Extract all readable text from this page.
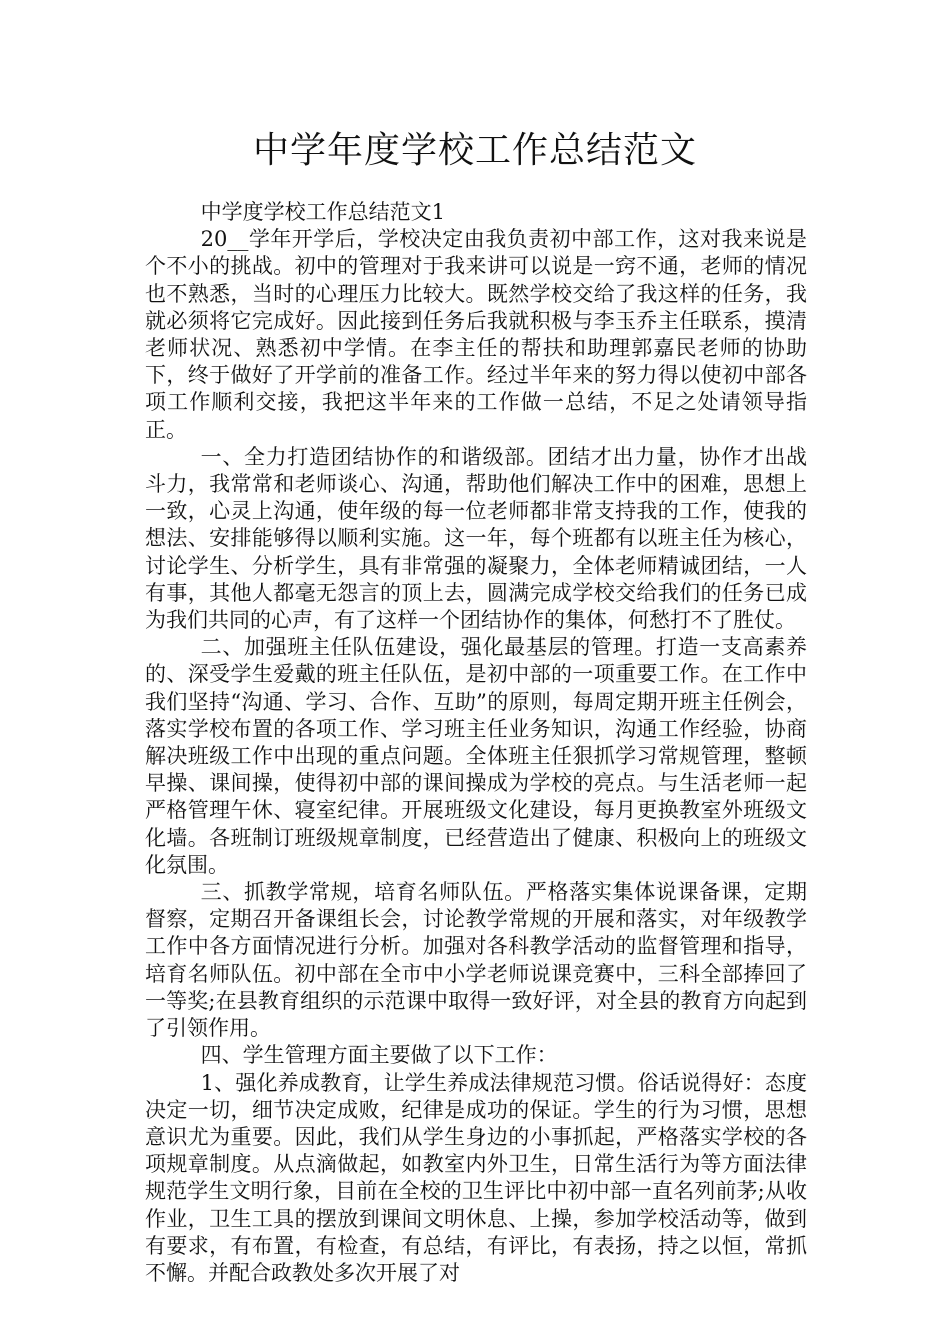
中学年度学校工作总结范文

中学度学校工作总结范文1

20__学年开学后，学校决定由我负责初中部工作，这对我来说是个不小的挑战。初中的管理对于我来讲可以说是一窍不通，老师的情况也不熟悉，当时的心理压力比较大。既然学校交给了我这样的任务，我就必须将它完成好。因此接到任务后我就积极与李玉乔主任联系，摸清老师状况、熟悉初中学情。在李主任的帮扶和助理郭嘉民老师的协助下，终于做好了开学前的准备工作。经过半年来的努力得以使初中部各项工作顺利交接，我把这半年来的工作做一总结，不足之处请领导指正。

一、全力打造团结协作的和谐级部。团结才出力量，协作才出战斗力，我常常和老师谈心、沟通，帮助他们解决工作中的困难，思想上一致，心灵上沟通，使年级的每一位老师都非常支持我的工作，使我的想法、安排能够得以顺利实施。这一年，每个班都有以班主任为核心，讨论学生、分析学生，具有非常强的凝聚力，全体老师精诚团结，一人有事，其他人都毫无怨言的顶上去，圆满完成学校交给我们的任务已成为我们共同的心声，有了这样一个团结协作的集体，何愁打不了胜仗。

二、加强班主任队伍建设，强化最基层的管理。打造一支高素养的、深受学生爱戴的班主任队伍，是初中部的一项重要工作。在工作中我们坚持“沟通、学习、合作、互助”的原则，每周定期开班主任例会，落实学校布置的各项工作、学习班主任业务知识，沟通工作经验，协商解决班级工作中出现的重点问题。全体班主任狠抓学习常规管理，整顿早操、课间操，使得初中部的课间操成为学校的亮点。与生活老师一起严格管理午休、寝室纪律。开展班级文化建设，每月更换教室外班级文化墙。各班制订班级规章制度，已经营造出了健康、积极向上的班级文化氛围。

三、抓教学常规，培育名师队伍。严格落实集体说课备课，定期督察，定期召开备课组长会，讨论教学常规的开展和落实，对年级教学工作中各方面情况进行分析。加强对各科教学活动的监督管理和指导，培育名师队伍。初中部在全市中小学老师说课竞赛中，三科全部捧回了一等奖;在县教育组织的示范课中取得一致好评，对全县的教育方向起到了引领作用。

四、学生管理方面主要做了以下工作：

1、强化养成教育，让学生养成法律规范习惯。俗话说得好：态度决定一切，细节决定成败，纪律是成功的保证。学生的行为习惯，思想意识尤为重要。因此，我们从学生身边的小事抓起，严格落实学校的各项规章制度。从点滴做起，如教室内外卫生，日常生活行为等方面法律规范学生文明行象，目前在全校的卫生评比中初中部一直名列前茅;从收作业，卫生工具的摆放到课间文明休息、上操，参加学校活动等，做到有要求，有布置，有检查，有总结，有评比，有表扬，持之以恒，常抓不懈。并配合政教处多次开展了对
